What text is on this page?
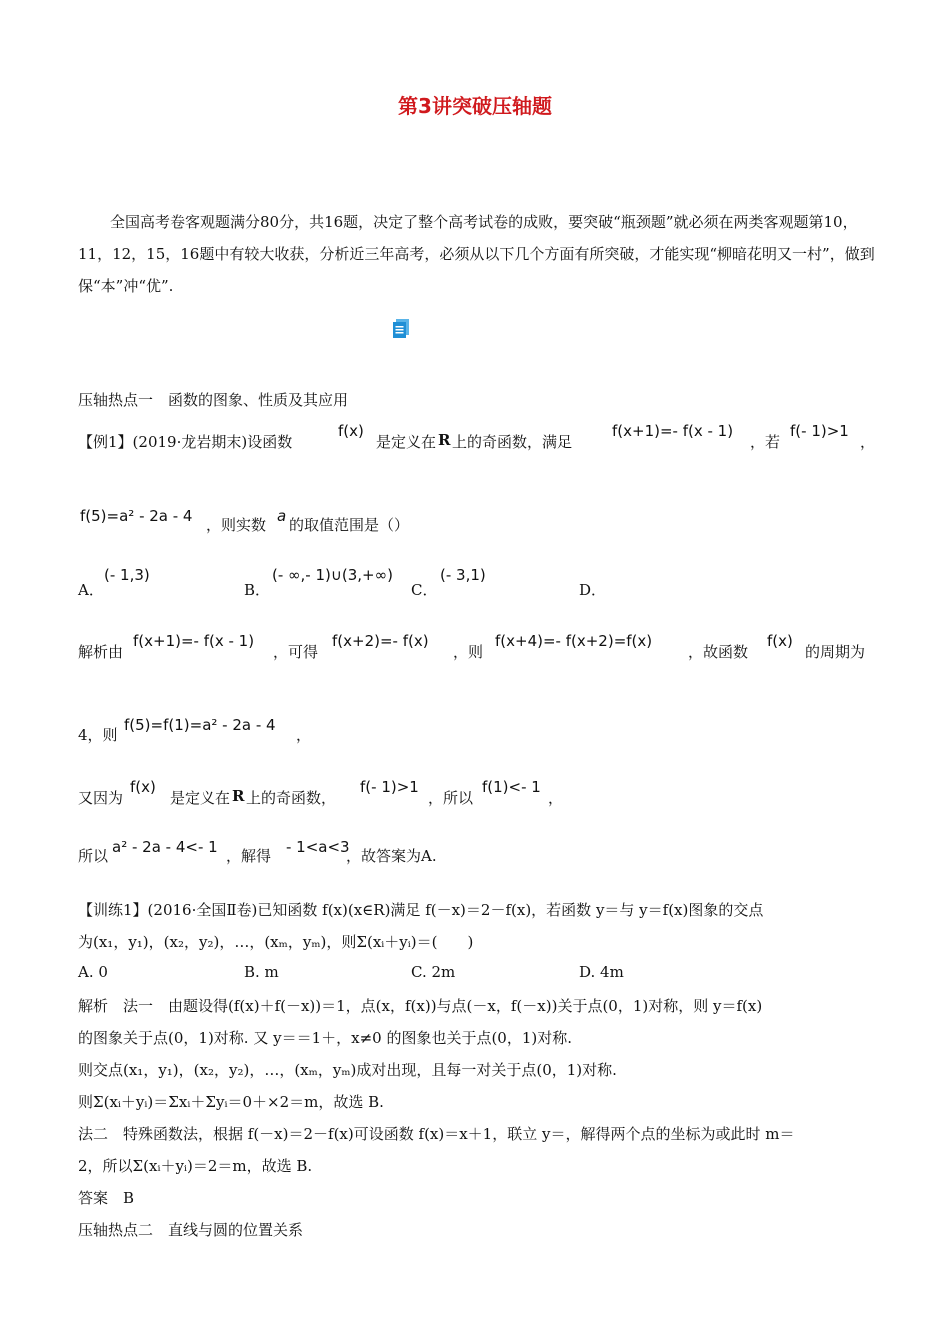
第3讲突破压轴题
全国高考卷客观题满分80分，共16题，决定了整个高考试卷的成败，要突破“瓶颈题”就必须在两类客观题第10，11，12，15，16题中有较大收获，分析近三年高考，必须从以下几个方面有所突破，才能实现“柳暗花明又一村”，做到保“本”冲“优”.
压轴热点一　函数的图象、性质及其应用
【例1】(2019·龙岩期末)设函数
f(x)
是定义在 R 上的奇函数，满足
f(x+1)=- f(x - 1)
，若
f(- 1)>1
，
f(5)=a² - 2a - 4 ，则实数 a 的取值范围是（）
A．
(- 1,3)
B．
(- ∞,- 1)∪(3,+∞)
C．
(- 3,1)
D．
解析由
f(x+1)=- f(x - 1)
，可得
f(x+2)=- f(x)
，则
f(x+4)=- f(x+2)=f(x)
，故函数
f(x)
的周期为
4，则
f(5)=f(1)=a² - 2a - 4
，
又因为
f(x)
是定义在 R 上的奇函数，
f(- 1)>1
，所以
f(1)<- 1
，
所以 a² - 2a - 4<- 1 ，解得 - 1<a<3
，故答案为A.
【训练1】(2016·全国Ⅱ卷)已知函数 f(x)(x∈R)满足 f(－x)＝2－f(x)，若函数 y＝与 y＝f(x)图象的交点
为(x₁，y₁)，(x₂，y₂)，…，(xₘ，yₘ)，则Σ(xᵢ＋yᵢ)＝(　　)
A. 0	B. m	C. 2m	D. 4m
解析　法一　由题设得(f(x)＋f(－x))＝1，点(x，f(x))与点(－x，f(－x))关于点(0，1)对称，则 y＝f(x)
的图象关于点(0，1)对称. 又 y＝＝1＋，x≠0 的图象也关于点(0，1)对称.
则交点(x₁，y₁)，(x₂，y₂)，…，(xₘ，yₘ)成对出现，且每一对关于点(0，1)对称.
则Σ(xᵢ＋yᵢ)＝Σxᵢ＋Σyᵢ＝0＋×2＝m，故选 B.
法二　特殊函数法，根据 f(－x)＝2－f(x)可设函数 f(x)＝x＋1，联立 y＝，解得两个点的坐标为或此时 m＝
2，所以Σ(xᵢ＋yᵢ)＝2＝m，故选 B.
答案　B
压轴热点二　直线与圆的位置关系
